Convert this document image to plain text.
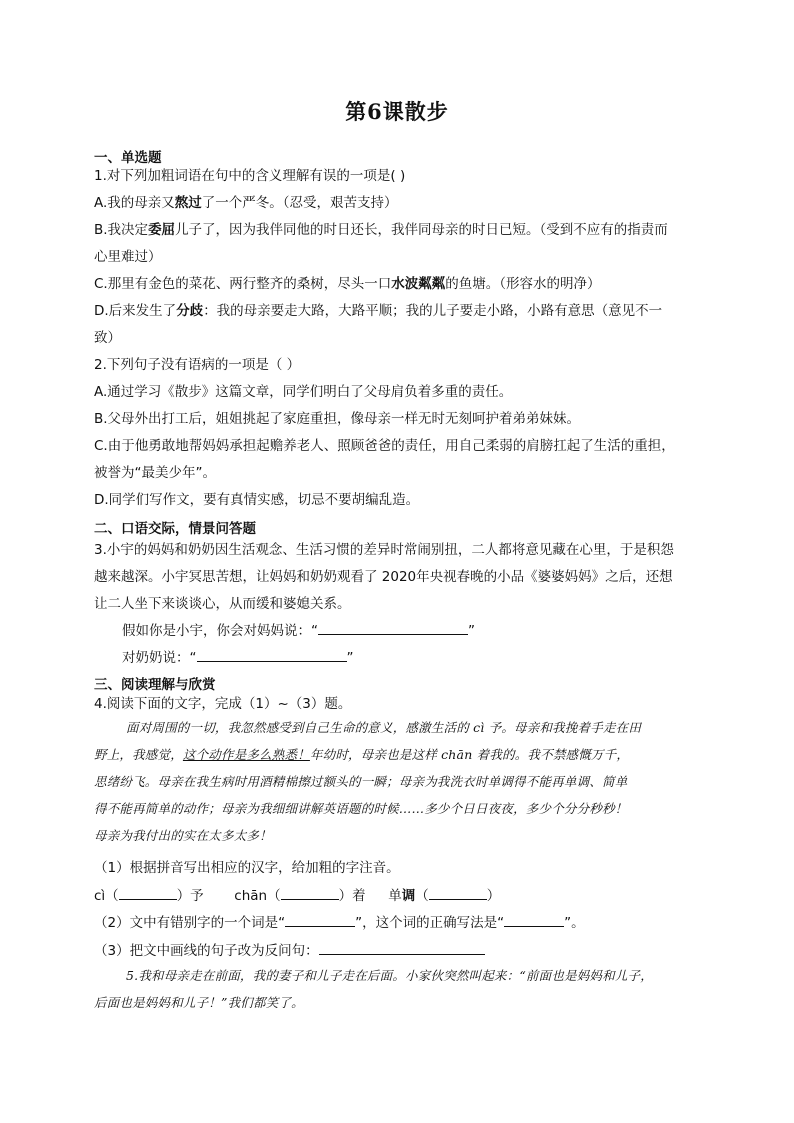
第6课散步
一、单选题
1.对下列加粗词语在句中的含义理解有误的一项是( )
A.我的母亲又熬过了一个严冬。（忍受，艰苦支持）
B.我决定委屈儿子了，因为我伴同他的时日还长，我伴同母亲的时日已短。（受到不应有的指责而
心里难过）
C.那里有金色的菜花、两行整齐的桑树，尽头一口水波粼粼的鱼塘。（形容水的明净）
D.后来发生了分歧：我的母亲要走大路，大路平顺；我的儿子要走小路，小路有意思（意见不一
致）
2.下列句子没有语病的一项是（ ）
A.通过学习《散步》这篇文章，同学们明白了父母肩负着多重的责任。
B.父母外出打工后，姐姐挑起了家庭重担，像母亲一样无时无刻呵护着弟弟妹妹。
C.由于他勇敢地帮妈妈承担起赡养老人、照顾爸爸的责任，用自己柔弱的肩膀扛起了生活的重担，
被誉为“最美少年”。
D.同学们写作文，要有真情实感，切忌不要胡编乱造。
二、口语交际，情景问答题
3.小宇的妈妈和奶奶因生活观念、生活习惯的差异时常闹别扭，二人都将意见藏在心里，于是积怨
越来越深。小宇冥思苦想，让妈妈和奶奶观看了 2020年央视春晚的小品《婆婆妈妈》之后，还想
让二人坐下来谈谈心，从而缓和婆媳关系。
假如你是小宇，你会对妈妈说：“	”
对奶奶说：“	”
三、阅读理解与欣赏
4.阅读下面的文字，完成（1）~（3）题。
面对周围的一切，我忽然感受到自己生命的意义，感激生活的 cì 予。母亲和我挽着手走在田
野上，我感觉，这个动作是多么熟悉！年幼时，母亲也是这样 chān 着我的。我不禁感慨万千，
思绪纷飞。母亲在我生病时用酒精棉擦过额头的一瞬；母亲为我洗衣时单调得不能再单调、简单
得不能再简单的动作；母亲为我细细讲解英语题的时候……多少个日日夜夜，多少个分分秒秒！
母亲为我付出的实在太多太多！
（1）根据拼音写出相应的汉字，给加粗的字注音。
cì（	）予 chān（	）着 单调（	）
（2）文中有错别字的一个词是“	”，这个词的正确写法是“	”。
（3）把文中画线的句子改为反问句：
5.我和母亲走在前面，我的妻子和儿子走在后面。小家伙突然叫起来：“前面也是妈妈和儿子，
后面也是妈妈和儿子！”我们都笑了。
